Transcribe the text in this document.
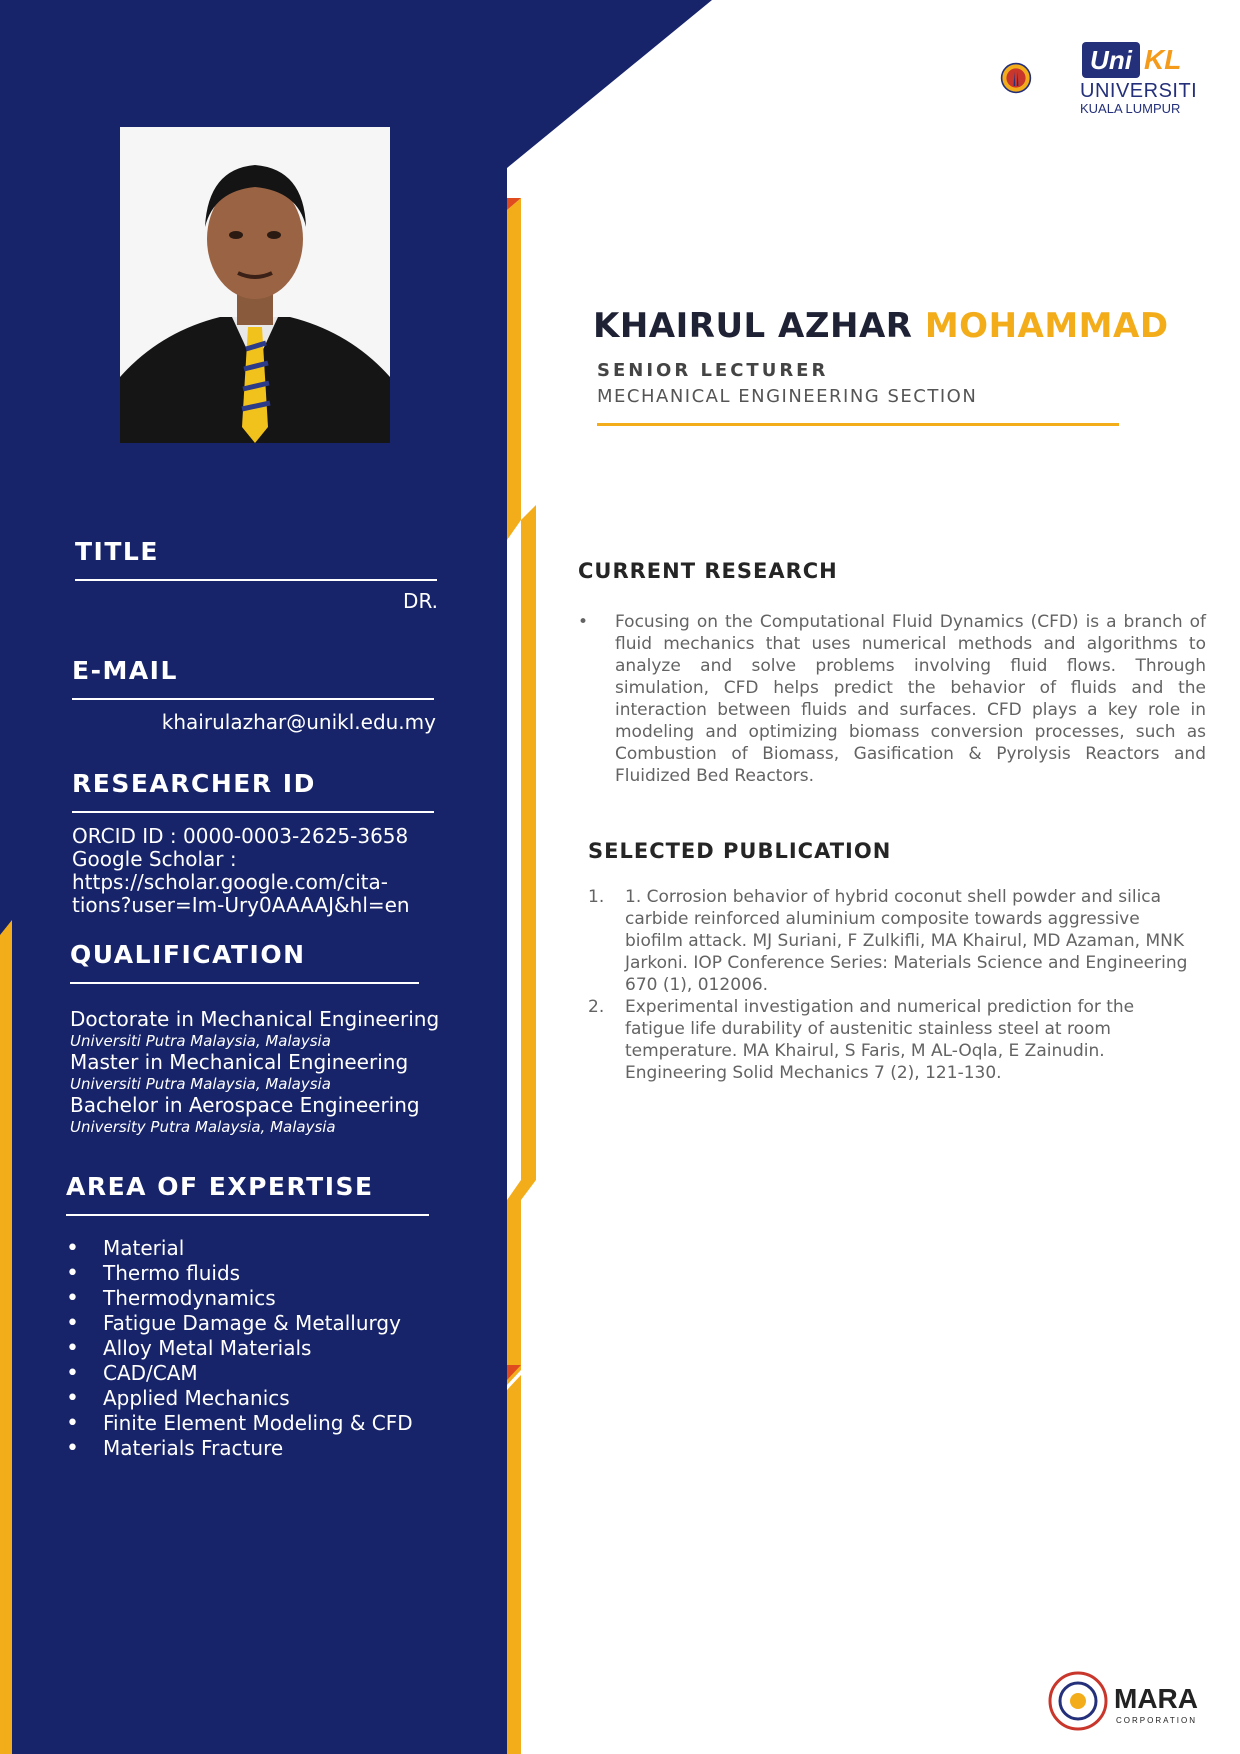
Uni KL
UNIVERSITI
KUALA LUMPUR
KHAIRUL AZHAR MOHAMMAD
SENIOR LECTURER
MECHANICAL ENGINEERING SECTION
TITLE
DR.
E-MAIL
khairulazhar@unikl.edu.my
RESEARCHER ID
ORCID ID : 0000-0003-2625-3658
Google Scholar :
https://scholar.google.com/cita-
tions?user=Im-Ury0AAAAJ&hl=en
QUALIFICATION
Doctorate in Mechanical Engineering
Universiti Putra Malaysia, Malaysia
Master in Mechanical Engineering
Universiti Putra Malaysia, Malaysia
Bachelor in Aerospace Engineering
University Putra Malaysia, Malaysia
AREA OF EXPERTISE
• Material
• Thermo fluids
• Thermodynamics
• Fatigue Damage & Metallurgy
• Alloy Metal Materials
• CAD/CAM
• Applied Mechanics
• Finite Element Modeling & CFD
• Materials Fracture
CURRENT RESEARCH
• Focusing on the Computational Fluid Dynamics (CFD) is a branch of fluid mechanics that uses numerical methods and algorithms to analyze and solve problems involving fluid flows. Through simulation, CFD helps predict the behavior of fluids and the interaction between fluids and surfaces. CFD plays a key role in modeling and optimizing biomass conversion processes, such as Combustion of Biomass, Gasification & Pyrolysis Reactors and Fluidized Bed Reactors.

SELECTED PUBLICATION
1. 1. Corrosion behavior of hybrid coconut shell powder and silica carbide reinforced aluminium composite towards aggressive biofilm attack. MJ Suriani, F Zulkifli, MA Khairul, MD Azaman, MNK Jarkoni. IOP Conference Series: Materials Science and Engineering 670 (1), 012006.
2. Experimental investigation and numerical prediction for the fatigue life durability of austenitic stainless steel at room temperature. MA Khairul, S Faris, M AL-Oqla, E Zainudin. Engineering Solid Mechanics 7 (2), 121-130.
MARA
CORPORATION
